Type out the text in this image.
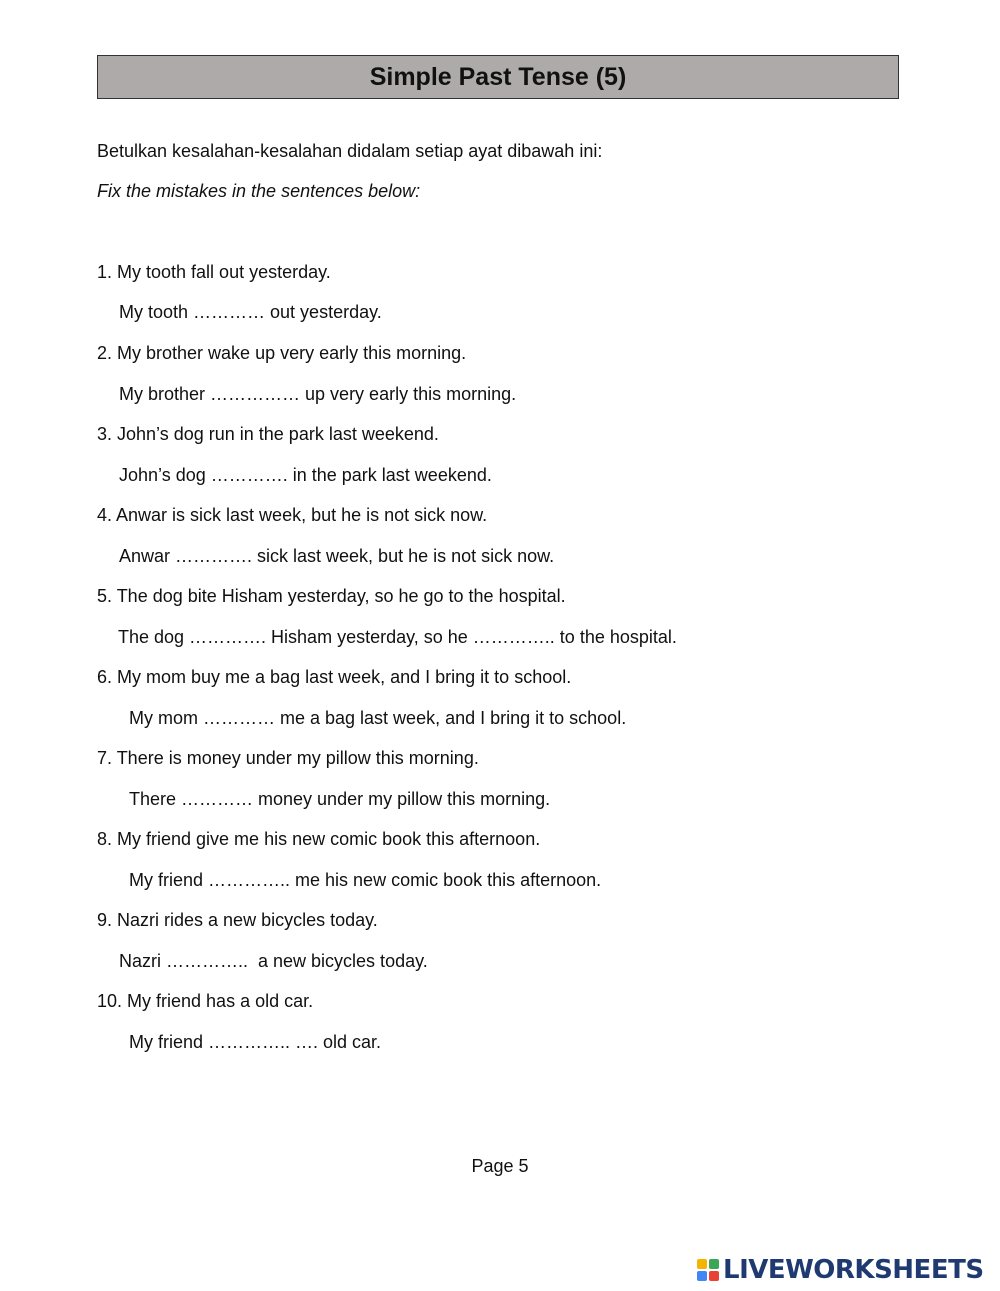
Simple Past Tense (5)
Betulkan kesalahan-kesalahan didalam setiap ayat dibawah ini:
Fix the mistakes in the sentences below:
1. My tooth fall out yesterday.
My tooth ………… out yesterday.
2. My brother wake up very early this morning.
My brother …………… up very early this morning.
3. John’s dog run in the park last weekend.
John’s dog …………. in the park last weekend.
4. Anwar is sick last week, but he is not sick now.
Anwar …………. sick last week, but he is not sick now.
5. The dog bite Hisham yesterday, so he go to the hospital.
The dog …………. Hisham yesterday, so he ………….. to the hospital.
6. My mom buy me a bag last week, and I bring it to school.
My mom ………… me a bag last week, and I bring it to school.
7. There is money under my pillow this morning.
There ………… money under my pillow this morning.
8. My friend give me his new comic book this afternoon.
My friend ………….. me his new comic book this afternoon.
9. Nazri rides a new bicycles today.
Nazri …………..  a new bicycles today.
10. My friend has a old car.
My friend ………….. …. old car.
Page 5
LIVEWORKSHEETS
